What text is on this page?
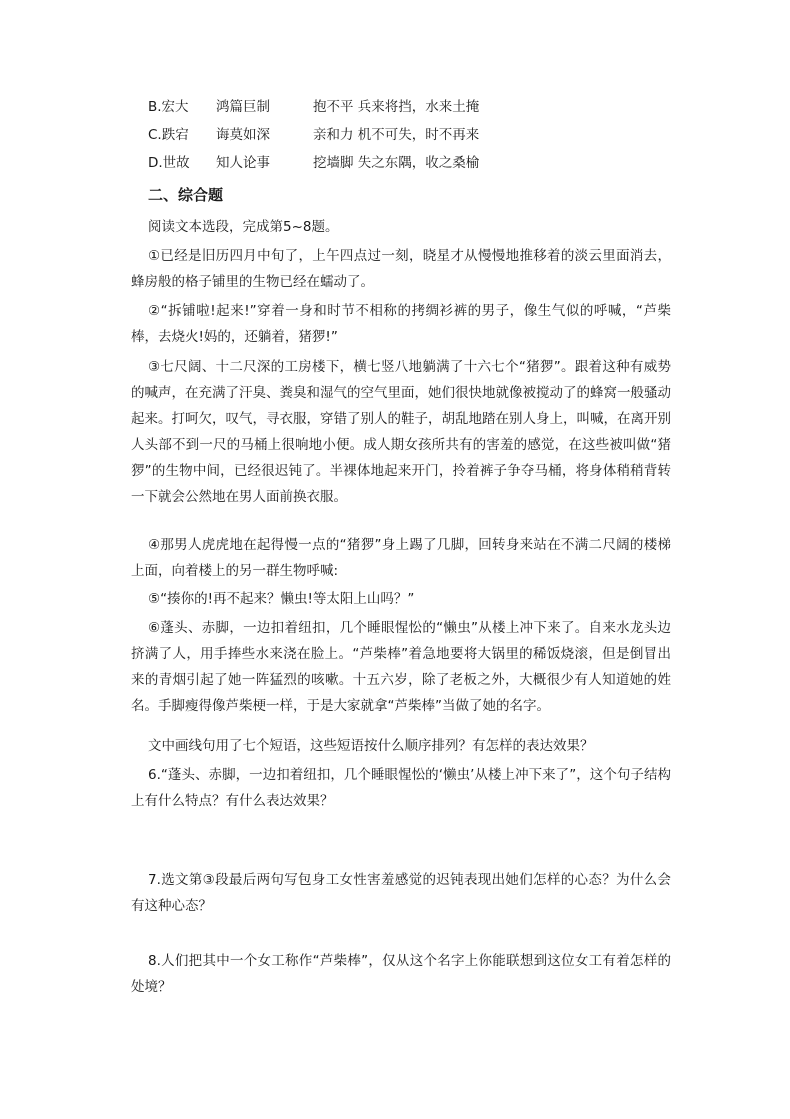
B.宏大 鸿篇巨制	抱不平 兵来将挡，水来土掩
C.跌宕 诲莫如深	亲和力 机不可失，时不再来
D.世故 知人论事	挖墙脚 失之东隅，收之桑榆
二、综合题

阅读文本选段，完成第5~8题。

①已经是旧历四月中旬了，上午四点过一刻，晓星才从慢慢地推移着的淡云里面消去，蜂房般的格子铺里的生物已经在蠕动了。

②“拆铺啦!起来!”穿着一身和时节不相称的拷绸衫裤的男子，像生气似的呼喊，“芦柴棒，去烧火!妈的，还躺着，猪猡!”

③七尺阔、十二尺深的工房楼下，横七竖八地躺满了十六七个“猪猡”。跟着这种有威势的喊声，在充满了汗臭、粪臭和湿气的空气里面，她们很快地就像被搅动了的蜂窝一般骚动起来。打呵欠，叹气，寻衣服，穿错了别人的鞋子，胡乱地踏在别人身上，叫喊，在离开别人头部不到一尺的马桶上很响地小便。成人期女孩所共有的害羞的感觉，在这些被叫做“猪猡”的生物中间，已经很迟钝了。半裸体地起来开门，拎着裤子争夺马桶，将身体稍稍背转一下就会公然地在男人面前换衣服。

④那男人虎虎地在起得慢一点的“猪猡”身上踢了几脚，回转身来站在不满二尺阔的楼梯上面，向着楼上的另一群生物呼喊:

⑤“揍你的!再不起来？懒虫!等太阳上山吗？”

⑥蓬头、赤脚，一边扣着纽扣，几个睡眼惺忪的“懒虫”从楼上冲下来了。自来水龙头边挤满了人，用手捧些水来浇在脸上。“芦柴棒”着急地要将大锅里的稀饭烧滚，但是倒冒出来的青烟引起了她一阵猛烈的咳嗽。十五六岁，除了老板之外，大概很少有人知道她的姓名。手脚瘦得像芦柴梗一样，于是大家就拿“芦柴棒”当做了她的名字。

文中画线句用了七个短语，这些短语按什么顺序排列？有怎样的表达效果？

6.“蓬头、赤脚，一边扣着纽扣，几个睡眼惺忪的‘懒虫’从楼上冲下来了”，这个句子结构上有什么特点？有什么表达效果？

7.选文第③段最后两句写包身工女性害羞感觉的迟钝表现出她们怎样的心态？为什么会有这种心态？

8.人们把其中一个女工称作“芦柴棒”，仅从这个名字上你能联想到这位女工有着怎样的处境？
